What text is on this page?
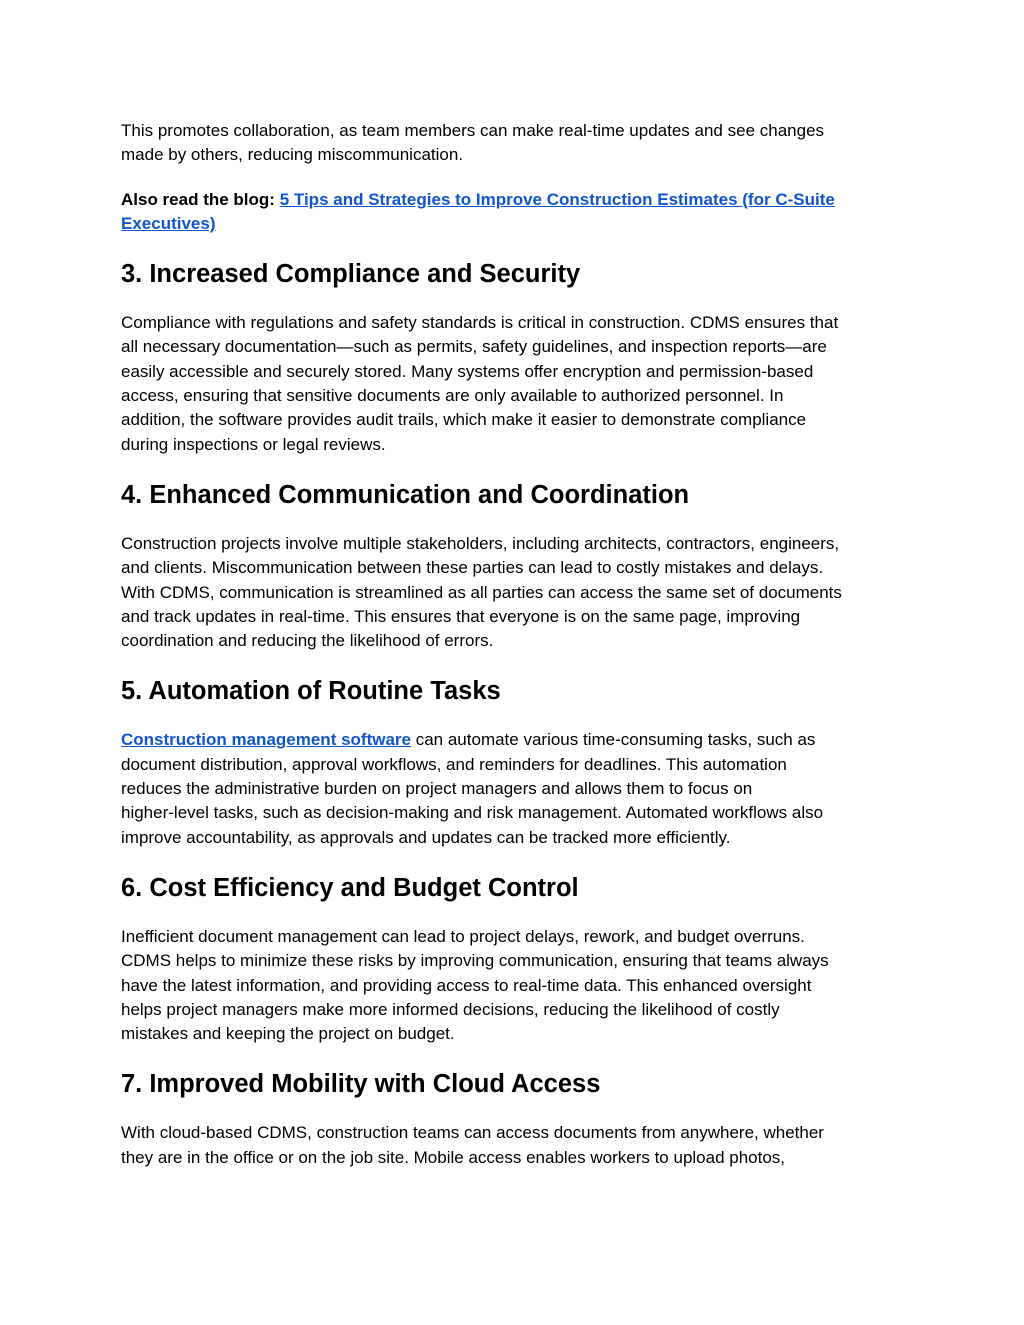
This promotes collaboration, as team members can make real-time updates and see changes
made by others, reducing miscommunication.

Also read the blog: 5 Tips and Strategies to Improve Construction Estimates (for C-Suite
Executives)

3. Increased Compliance and Security

Compliance with regulations and safety standards is critical in construction. CDMS ensures that
all necessary documentation—such as permits, safety guidelines, and inspection reports—are
easily accessible and securely stored. Many systems offer encryption and permission-based
access, ensuring that sensitive documents are only available to authorized personnel. In
addition, the software provides audit trails, which make it easier to demonstrate compliance
during inspections or legal reviews.

4. Enhanced Communication and Coordination

Construction projects involve multiple stakeholders, including architects, contractors, engineers,
and clients. Miscommunication between these parties can lead to costly mistakes and delays.
With CDMS, communication is streamlined as all parties can access the same set of documents
and track updates in real-time. This ensures that everyone is on the same page, improving
coordination and reducing the likelihood of errors.

5. Automation of Routine Tasks

Construction management software can automate various time-consuming tasks, such as
document distribution, approval workflows, and reminders for deadlines. This automation
reduces the administrative burden on project managers and allows them to focus on
higher-level tasks, such as decision-making and risk management. Automated workflows also
improve accountability, as approvals and updates can be tracked more efficiently.

6. Cost Efficiency and Budget Control

Inefficient document management can lead to project delays, rework, and budget overruns.
CDMS helps to minimize these risks by improving communication, ensuring that teams always
have the latest information, and providing access to real-time data. This enhanced oversight
helps project managers make more informed decisions, reducing the likelihood of costly
mistakes and keeping the project on budget.

7. Improved Mobility with Cloud Access

With cloud-based CDMS, construction teams can access documents from anywhere, whether
they are in the office or on the job site. Mobile access enables workers to upload photos,
